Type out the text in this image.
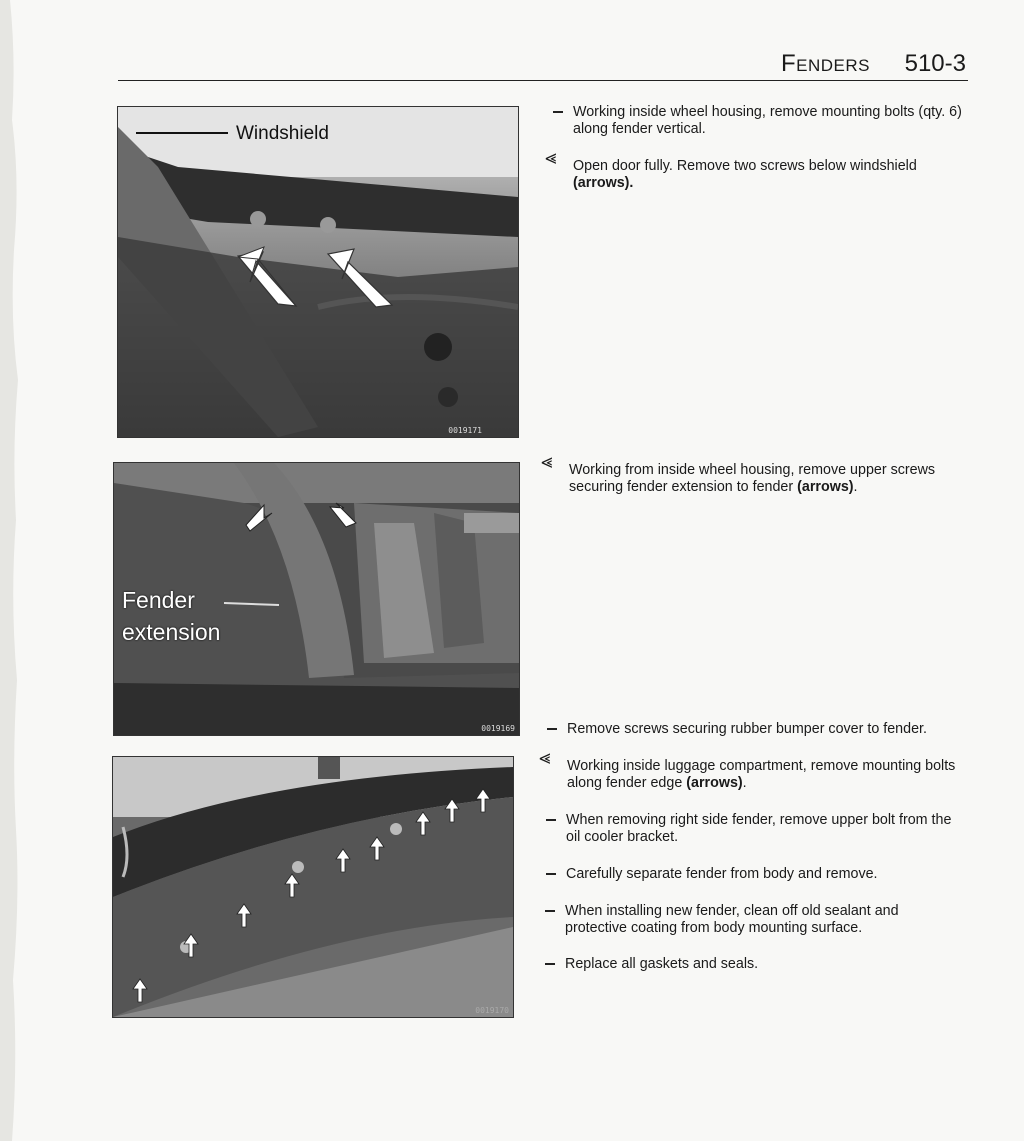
Fenders 510-3
Windshield
0019171
Fender
extension
0019169
0019170
Working inside wheel housing, remove mounting bolts (qty. 6) along fender vertical.
⪡ Open door fully. Remove two screws below windshield (arrows).
⪡ Working from inside wheel housing, remove upper screws securing fender extension to fender (arrows).
Remove screws securing rubber bumper cover to fender.
⪡ Working inside luggage compartment, remove mounting bolts along fender edge (arrows).
When removing right side fender, remove upper bolt from the oil cooler bracket.
Carefully separate fender from body and remove.
When installing new fender, clean off old sealant and protective coating from body mounting surface.
Replace all gaskets and seals.
